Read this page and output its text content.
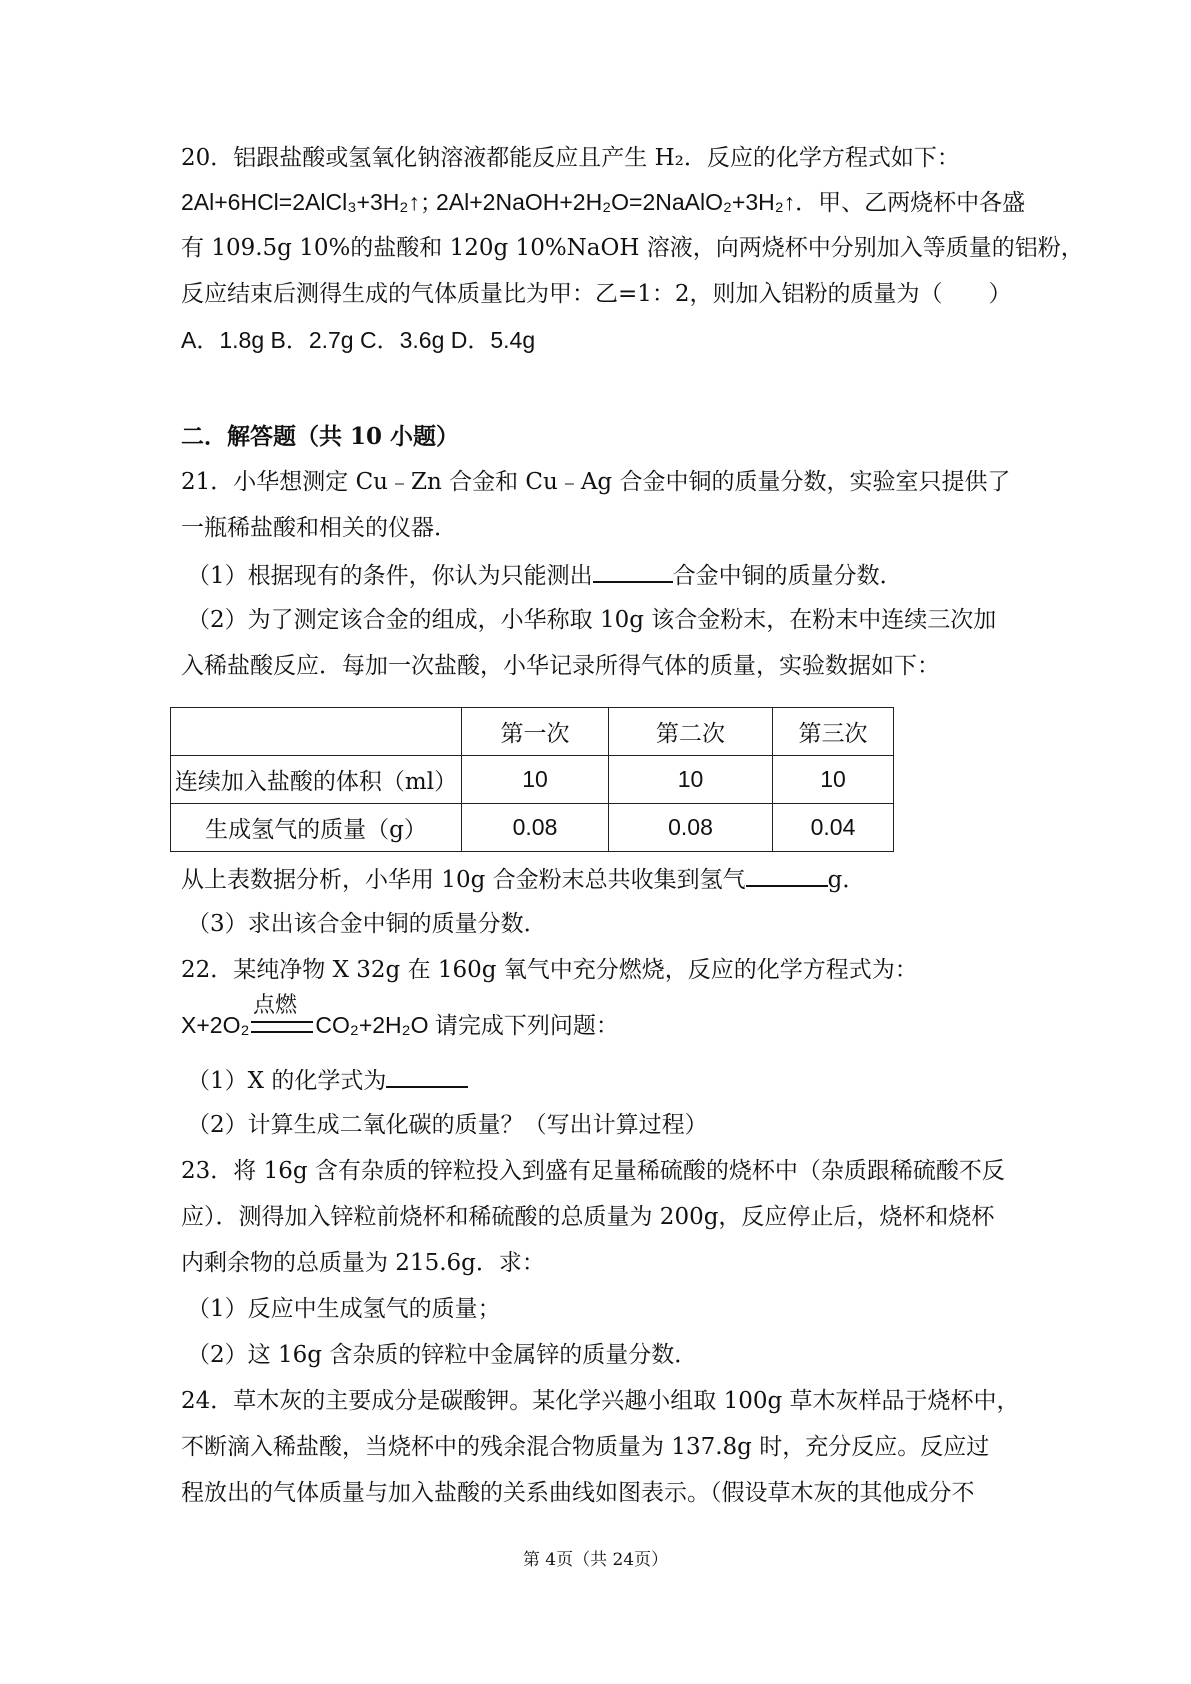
20．铝跟盐酸或氢氧化钠溶液都能反应且产生 H₂．反应的化学方程式如下：
2Al+6HCl=2AlCl₃+3H₂↑；
2Al+2NaOH+2H₂O=2NaAlO₂+3H₂↑．甲、乙两烧杯中各盛
有 109.5g 10%的盐酸和 120g 10%NaOH 溶液，向两烧杯中分别加入等质量的铝粉，
反应结束后测得生成的气体质量比为甲：乙=1：2，则加入铝粉的质量为（　　）
A．1.8g B．2.7g C．3.6g D．5.4g
二．解答题（共 10 小题）
21．小华想测定 Cu﹣Zn 合金和 Cu﹣Ag 合金中铜的质量分数，实验室只提供了
一瓶稀盐酸和相关的仪器．
（1）根据现有的条件，你认为只能测出	合金中铜的质量分数．
（2）为了测定该合金的组成，小华称取 10g 该合金粉末，在粉末中连续三次加
入稀盐酸反应．每加一次盐酸，小华记录所得气体的质量，实验数据如下：
	第一次	第二次	第三次
连续加入盐酸的体积（ml）	10	10	10
生成氢气的质量（g）	0.08	0.08	0.04
从上表数据分析，小华用 10g 合金粉末总共收集到氢气	g．
（3）求出该合金中铜的质量分数．
22．某纯净物 X 32g 在 160g 氧气中充分燃烧，反应的化学方程式为：
点燃
X+2O₂	CO₂+2H₂O 请完成下列问题：
（1）X 的化学式为
（2）计算生成二氧化碳的质量？（写出计算过程）
23．将 16g 含有杂质的锌粒投入到盛有足量稀硫酸的烧杯中（杂质跟稀硫酸不反
应）．测得加入锌粒前烧杯和稀硫酸的总质量为 200g，反应停止后，烧杯和烧杯
内剩余物的总质量为 215.6g．求：
（1）反应中生成氢气的质量；
（2）这 16g 含杂质的锌粒中金属锌的质量分数．
24．草木灰的主要成分是碳酸钾。某化学兴趣小组取 100g 草木灰样品于烧杯中，
不断滴入稀盐酸，当烧杯中的残余混合物质量为 137.8g 时，充分反应。反应过
程放出的气体质量与加入盐酸的关系曲线如图表示。（假设草木灰的其他成分不
第 4页（共 24页）
